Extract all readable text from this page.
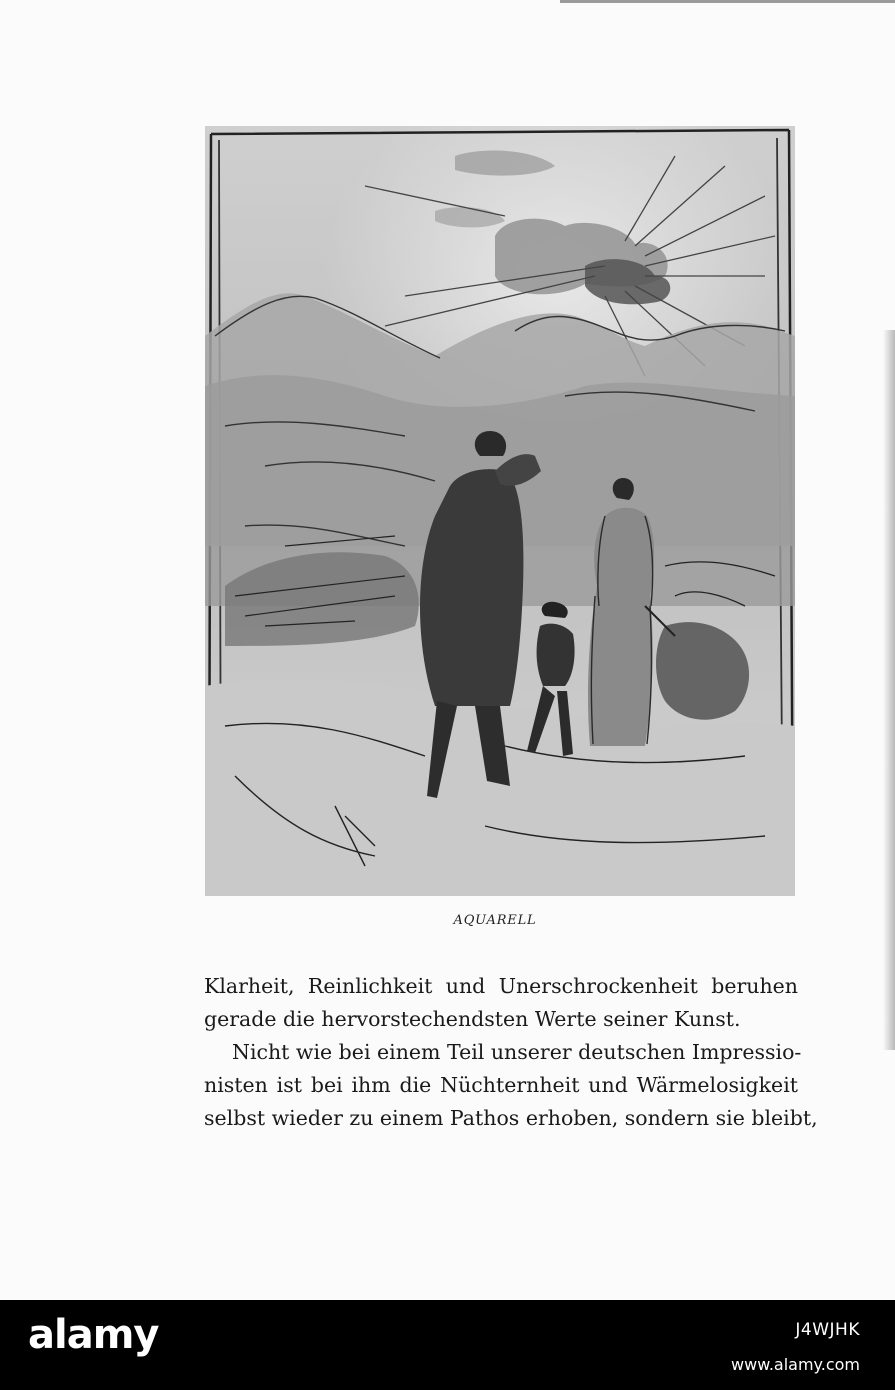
AQUARELL
Klarheit, Reinlichkeit und Unerschrockenheit beruhen
gerade die hervorstechendsten Werte seiner Kunst.
Nicht wie bei einem Teil unserer deutschen Impressio-
nisten ist bei ihm die Nüchternheit und Wärmelosigkeit
selbst wieder zu einem Pathos erhoben, sondern sie bleibt,
alamy	J4WJHK
www.alamy.com
